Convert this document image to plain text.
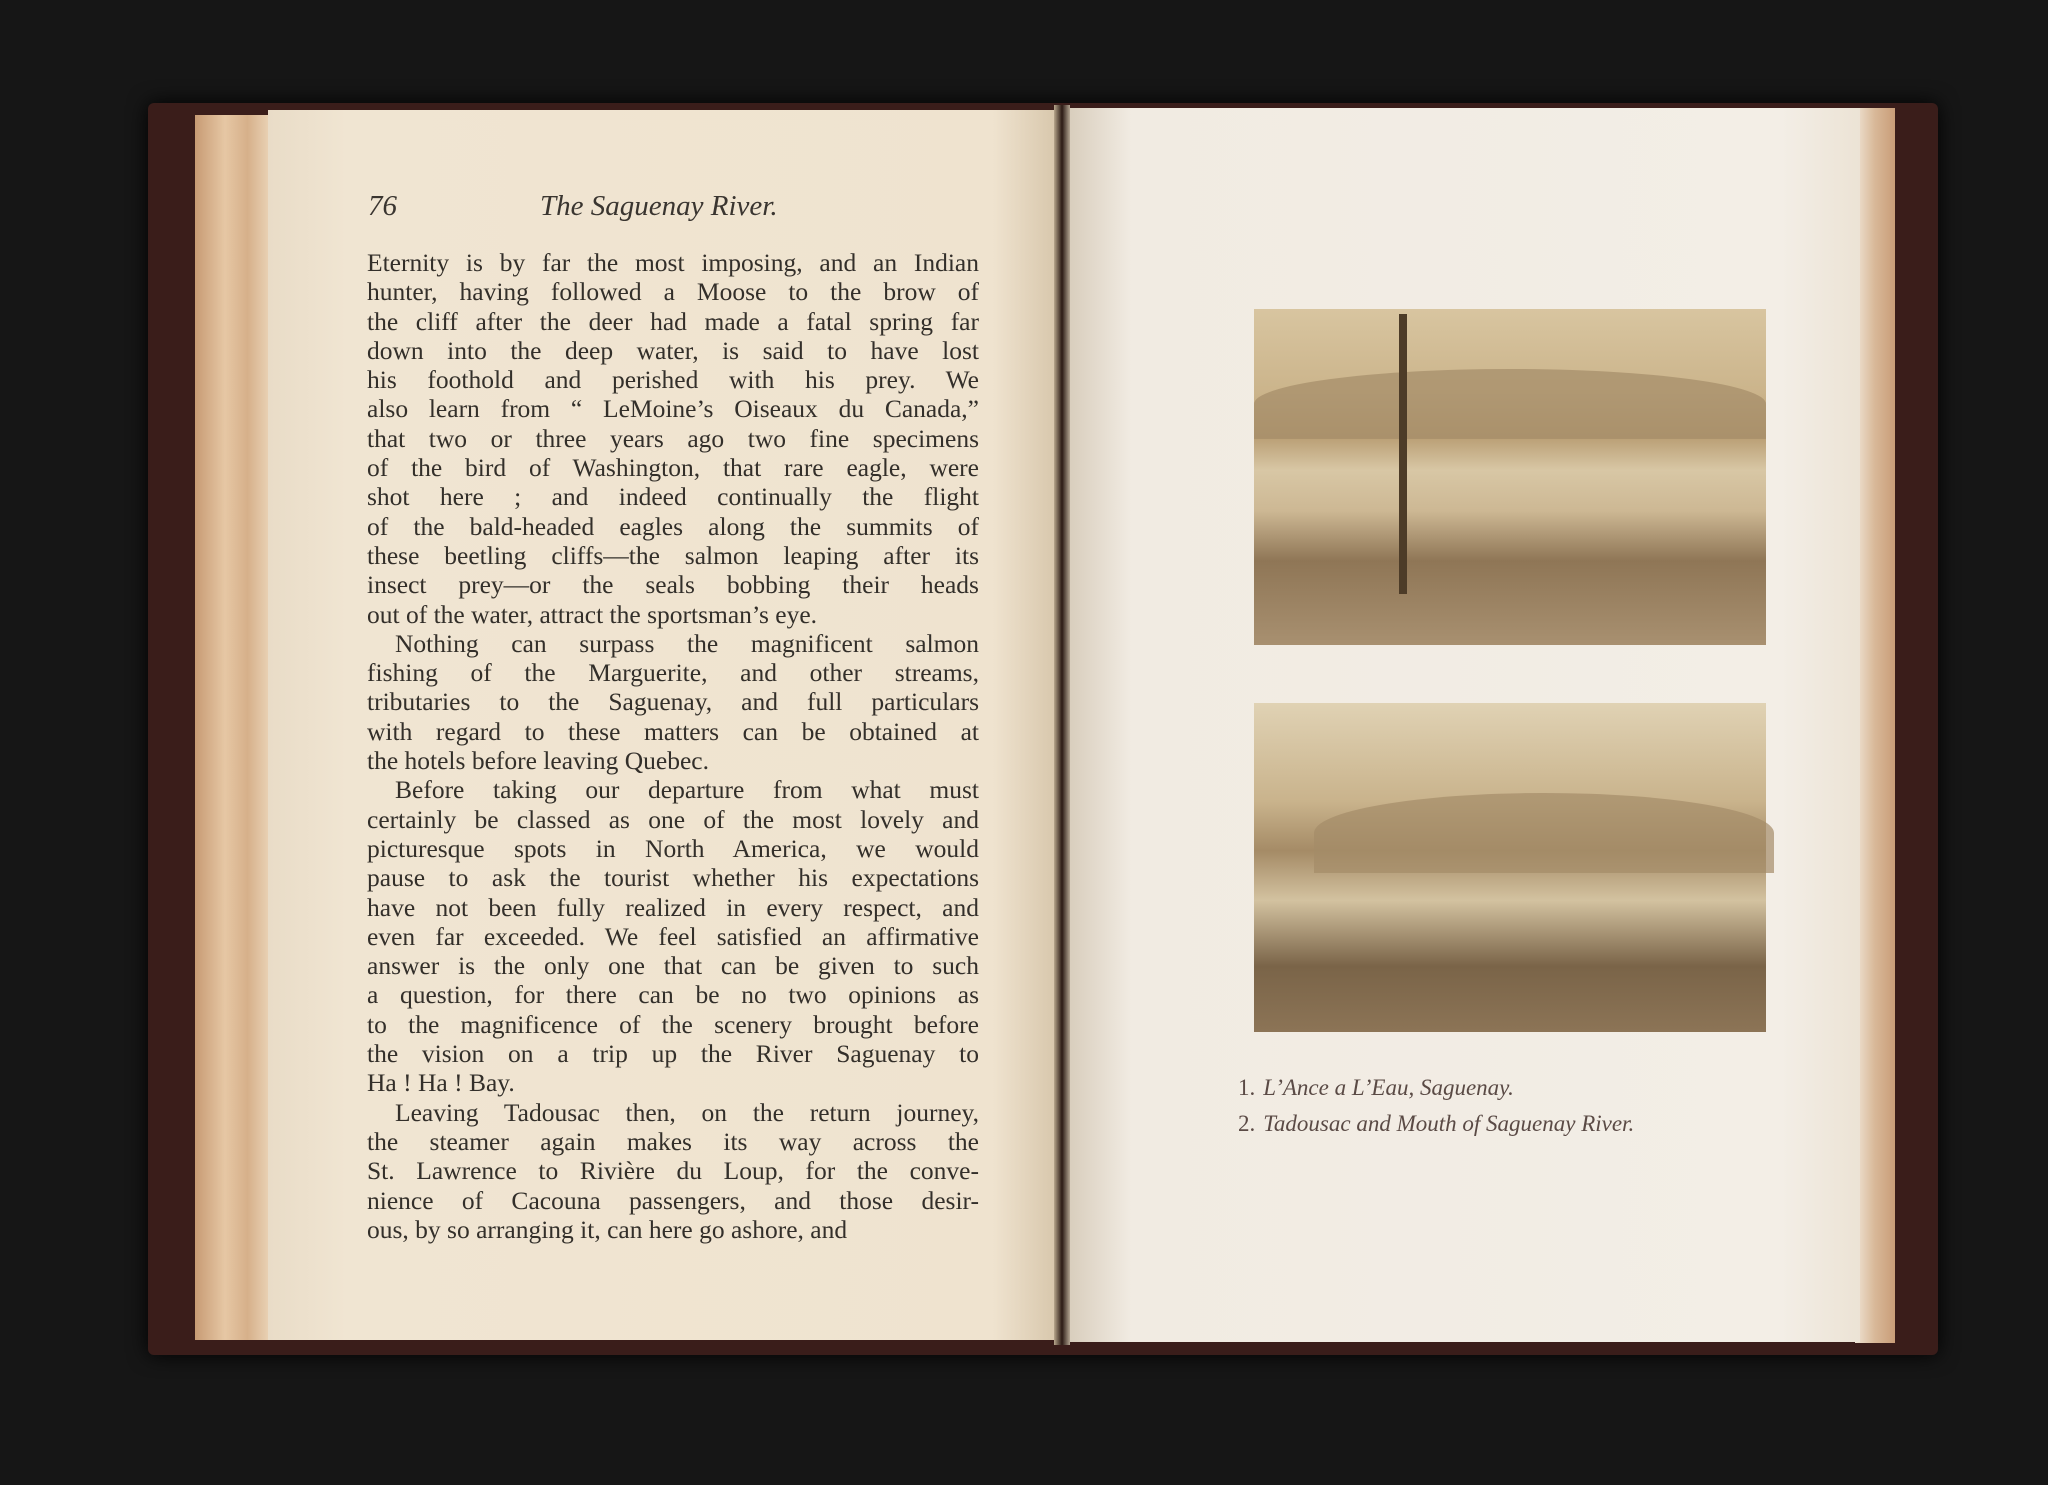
76	The Saguenay River.
Eternity is by far the most imposing, and an Indian
hunter, having followed a Moose to the brow of
the cliff after the deer had made a fatal spring far
down into the deep water, is said to have lost
his foothold and perished with his prey. We
also learn from “ LeMoine’s Oiseaux du Canada,”
that two or three years ago two fine specimens
of the bird of Washington, that rare eagle, were
shot here ; and indeed continually the flight
of the bald-headed eagles along the summits of
these beetling cliffs—the salmon leaping after its
insect prey—or the seals bobbing their heads
out of the water, attract the sportsman’s eye.
Nothing can surpass the magnificent salmon
fishing of the Marguerite, and other streams,
tributaries to the Saguenay, and full particulars
with regard to these matters can be obtained at
the hotels before leaving Quebec.
Before taking our departure from what must
certainly be classed as one of the most lovely and
picturesque spots in North America, we would
pause to ask the tourist whether his expectations
have not been fully realized in every respect, and
even far exceeded. We feel satisfied an affirmative
answer is the only one that can be given to such
a question, for there can be no two opinions as
to the magnificence of the scenery brought before
the vision on a trip up the River Saguenay to
Ha ! Ha ! Bay.
Leaving Tadousac then, on the return journey,
the steamer again makes its way across the
St. Lawrence to Rivière du Loup, for the conve-
nience of Cacouna passengers, and those desir-
ous, by so arranging it, can here go ashore, and
1. L’Ance a L’Eau, Saguenay.
2. Tadousac and Mouth of Saguenay River.
